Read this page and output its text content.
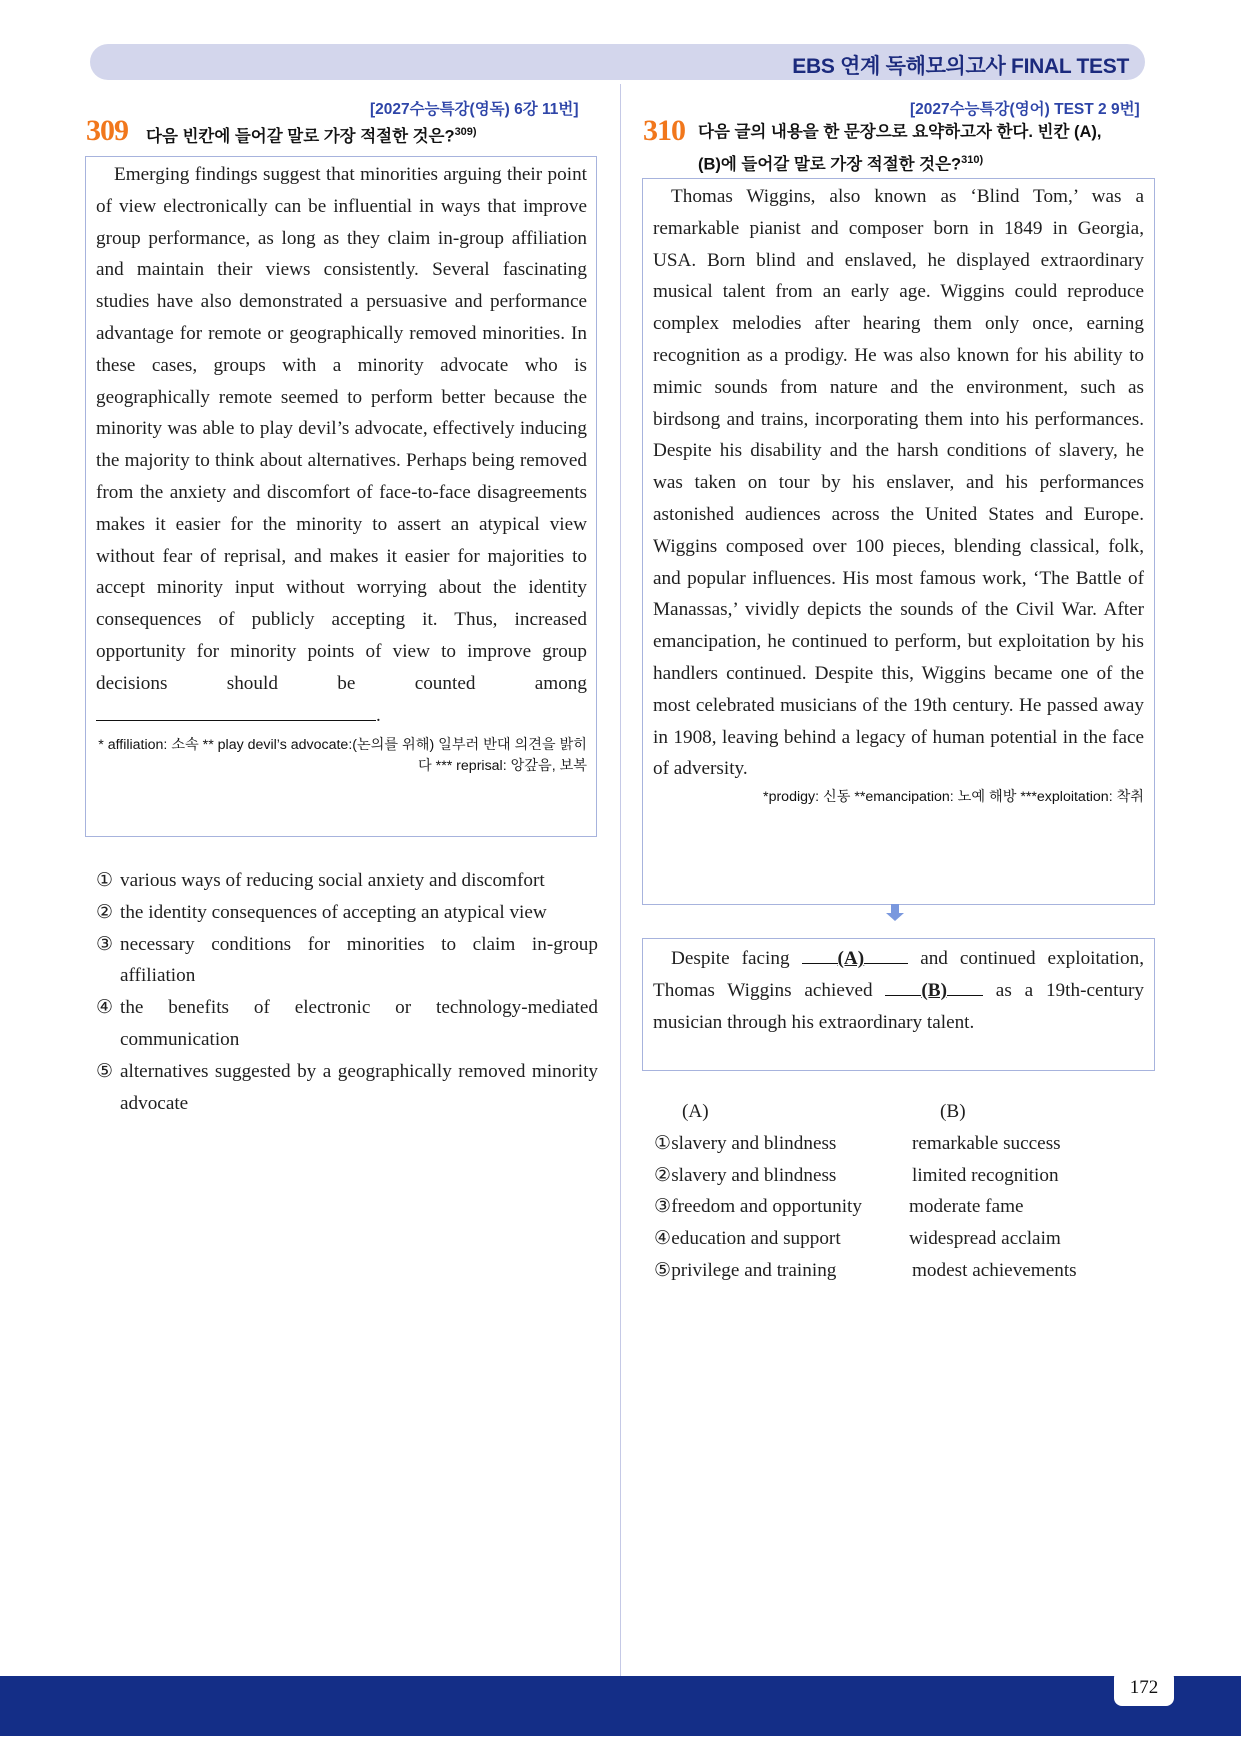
EBS 연계 독해모의고사 FINAL TEST
[2027수능특강(영독) 6강 11번]
309 다음 빈칸에 들어갈 말로 가장 적절한 것은?$^{309)}$

Emerging findings suggest that minorities arguing their point of view electronically can be influential in ways that improve group performance, as long as they claim in-group affiliation and maintain their views consistently. Several fascinating studies have also demonstrated a persuasive and performance advantage for remote or geographically removed minorities. In these cases, groups with a minority advocate who is geographically remote seemed to perform better because the minority was able to play devil’s advocate, effectively inducing the majority to think about alternatives. Perhaps being removed from the anxiety and discomfort of face-to-face disagreements makes it easier for the minority to assert an atypical view without fear of reprisal, and makes it easier for majorities to accept minority input without worrying about the identity consequences of publicly accepting it. Thus, increased opportunity for minority points of view to improve group decisions should be counted among .

* affiliation: 소속 ** play devil’s advocate:(논의를 위해) 일부러 반대 의견을 밝히다 *** reprisal: 앙갚음, 보복
① various ways of reducing social anxiety and discomfort
② the identity consequences of accepting an atypical view
③ necessary conditions for minorities to claim in-group affiliation
④ the benefits of electronic or technology-mediated communication
⑤ alternatives suggested by a geographically removed minority advocate
[2027수능특강(영어) TEST 2 9번]
310 다음 글의 내용을 한 문장으로 요약하고자 한다. 빈칸 (A),
(B)에 들어갈 말로 가장 적절한 것은?$^{310)}$

Thomas Wiggins, also known as ‘Blind Tom,’ was a remarkable pianist and composer born in 1849 in Georgia, USA. Born blind and enslaved, he displayed extraordinary musical talent from an early age. Wiggins could reproduce complex melodies after hearing them only once, earning recognition as a prodigy. He was also known for his ability to mimic sounds from nature and the environment, such as birdsong and trains, incorporating them into his performances. Despite his disability and the harsh conditions of slavery, he was taken on tour by his enslaver, and his performances astonished audiences across the United States and Europe. Wiggins composed over 100 pieces, blending classical, folk, and popular influences. His most famous work, ‘The Battle of Manassas,’ vividly depicts the sounds of the Civil War. After emancipation, he continued to perform, but exploitation by his handlers continued. Despite this, Wiggins became one of the most celebrated musicians of the 19th century. He passed away in 1908, leaving behind a legacy of human potential in the face of adversity.

*prodigy: 신동 **emancipation: 노예 해방 ***exploitation: 착취

Despite facing	(A)	and continued exploitation, Thomas Wiggins achieved	(B)	as a 19th-century musician through his extraordinary talent.

(A)	(B)
①slavery and blindness	remarkable success
②slavery and blindness	limited recognition
③freedom and opportunity	moderate fame
④education and support	widespread acclaim
⑤privilege and training	modest achievements
172
